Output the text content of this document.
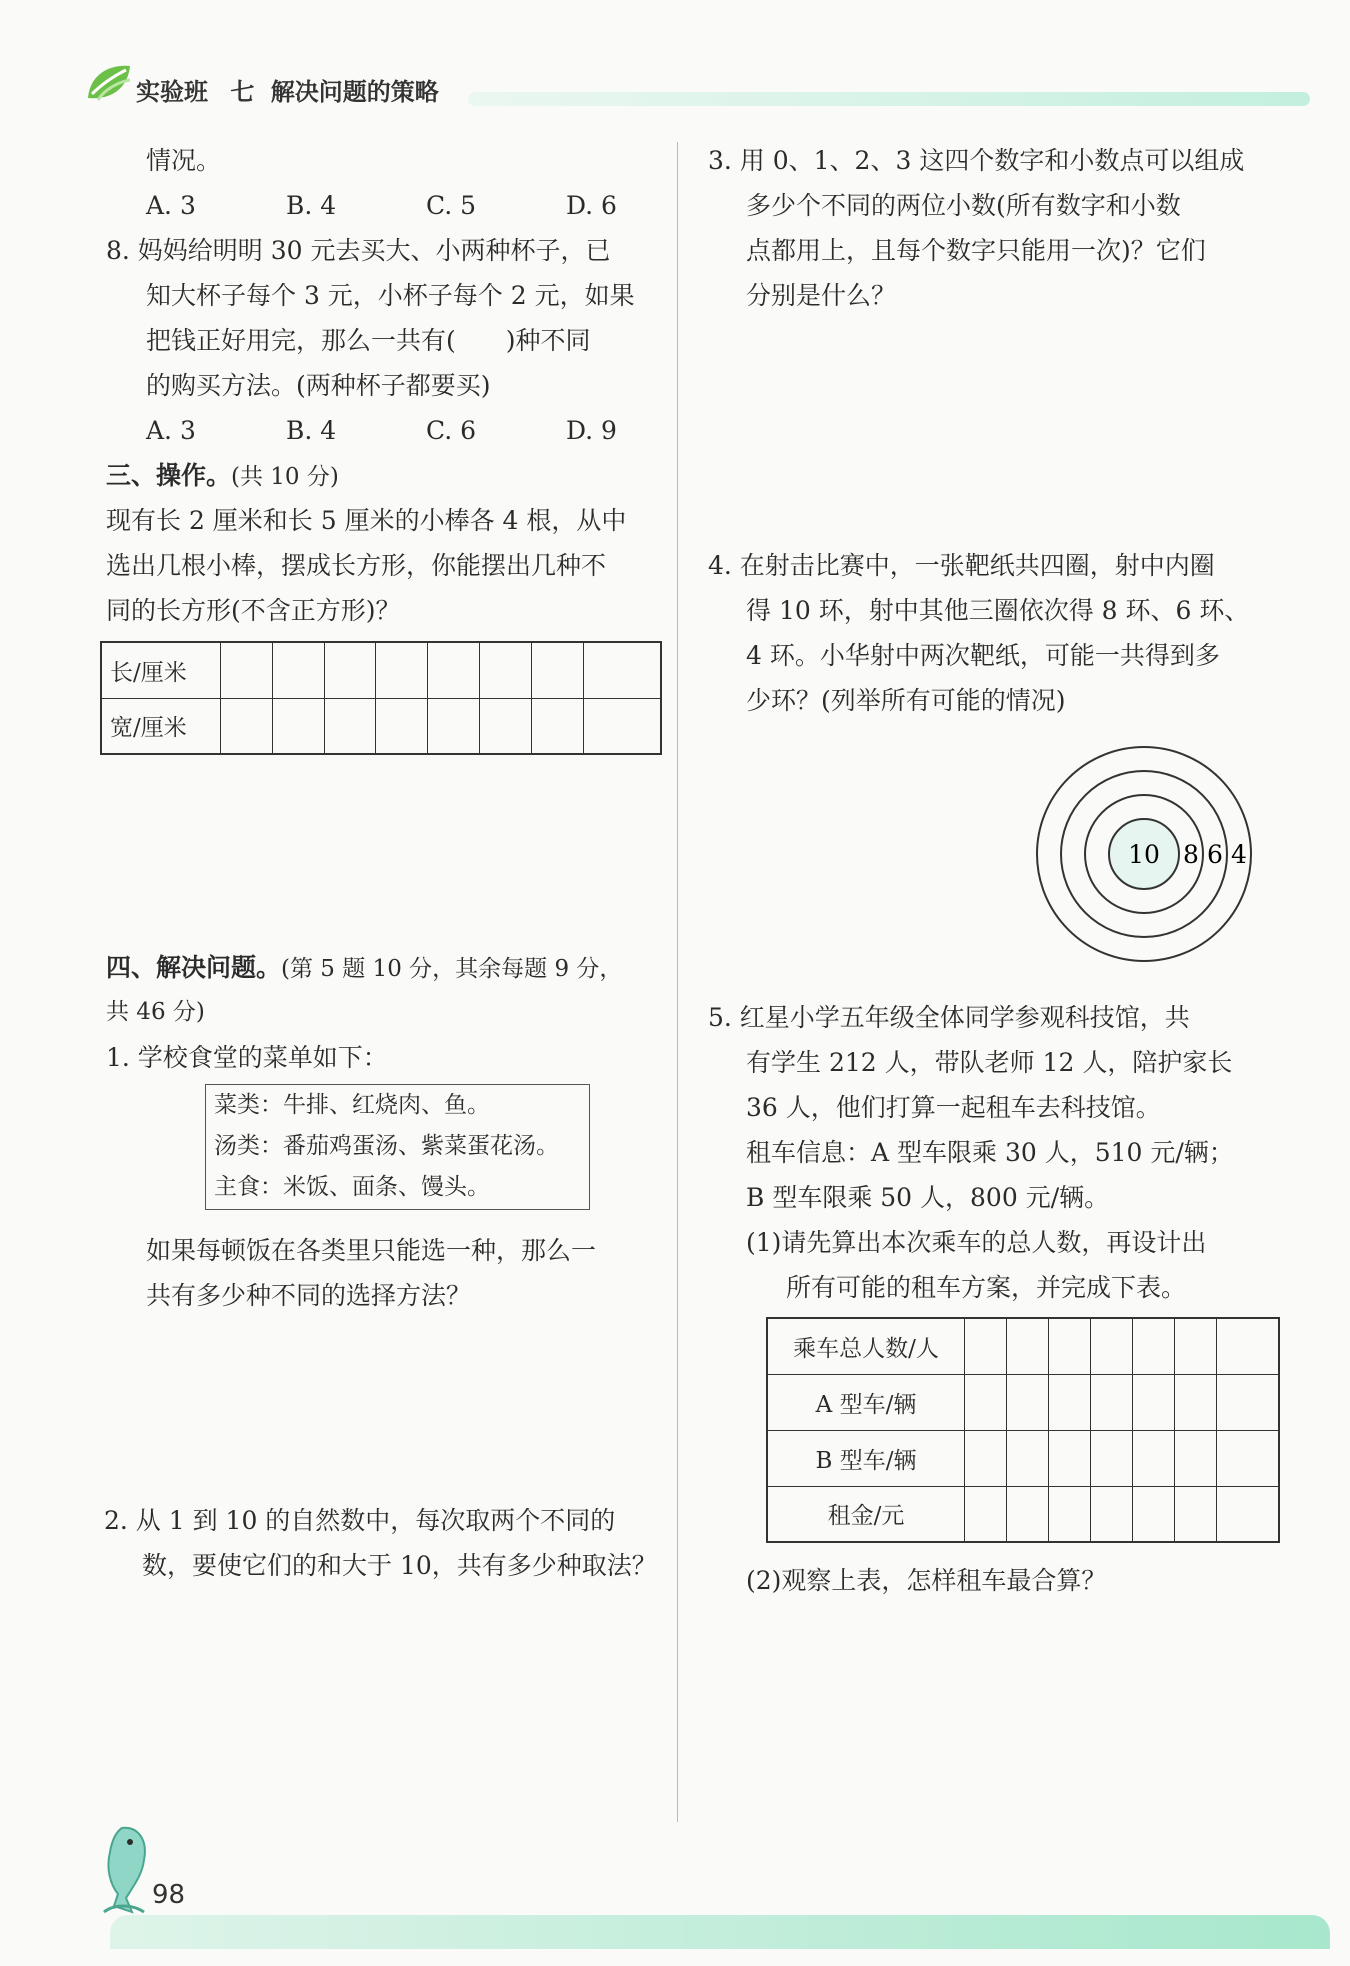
实验班 七 解决问题的策略
情况。
A. 3	B. 4	C. 5	D. 6
8. 妈妈给明明 30 元去买大、小两种杯子，已
知大杯子每个 3 元，小杯子每个 2 元，如果
把钱正好用完，那么一共有(　　)种不同
的购买方法。(两种杯子都要买)
A. 3	B. 4	C. 6	D. 9
三、操作。(共 10 分)
现有长 2 厘米和长 5 厘米的小棒各 4 根，从中
选出几根小棒，摆成长方形，你能摆出几种不
同的长方形(不含正方形)？
长/厘米								
宽/厘米								
四、解决问题。(第 5 题 10 分，其余每题 9 分，
共 46 分)
1. 学校食堂的菜单如下：
菜类：牛排、红烧肉、鱼。
汤类：番茄鸡蛋汤、紫菜蛋花汤。
主食：米饭、面条、馒头。
如果每顿饭在各类里只能选一种，那么一
共有多少种不同的选择方法？
2. 从 1 到 10 的自然数中，每次取两个不同的
数，要使它们的和大于 10，共有多少种取法？
3. 用 0、1、2、3 这四个数字和小数点可以组成
多少个不同的两位小数(所有数字和小数
点都用上，且每个数字只能用一次)？它们
分别是什么？
4. 在射击比赛中，一张靶纸共四圈，射中内圈
得 10 环，射中其他三圈依次得 8 环、6 环、
4 环。小华射中两次靶纸，可能一共得到多
少环？(列举所有可能的情况)
10 8 6 4
5. 红星小学五年级全体同学参观科技馆，共
有学生 212 人，带队老师 12 人，陪护家长
36 人，他们打算一起租车去科技馆。
租车信息：A 型车限乘 30 人，510 元/辆；
B 型车限乘 50 人，800 元/辆。
(1)请先算出本次乘车的总人数，再设计出
所有可能的租车方案，并完成下表。
乘车总人数/人							
A 型车/辆							
B 型车/辆							
租金/元							
(2)观察上表，怎样租车最合算？
98
